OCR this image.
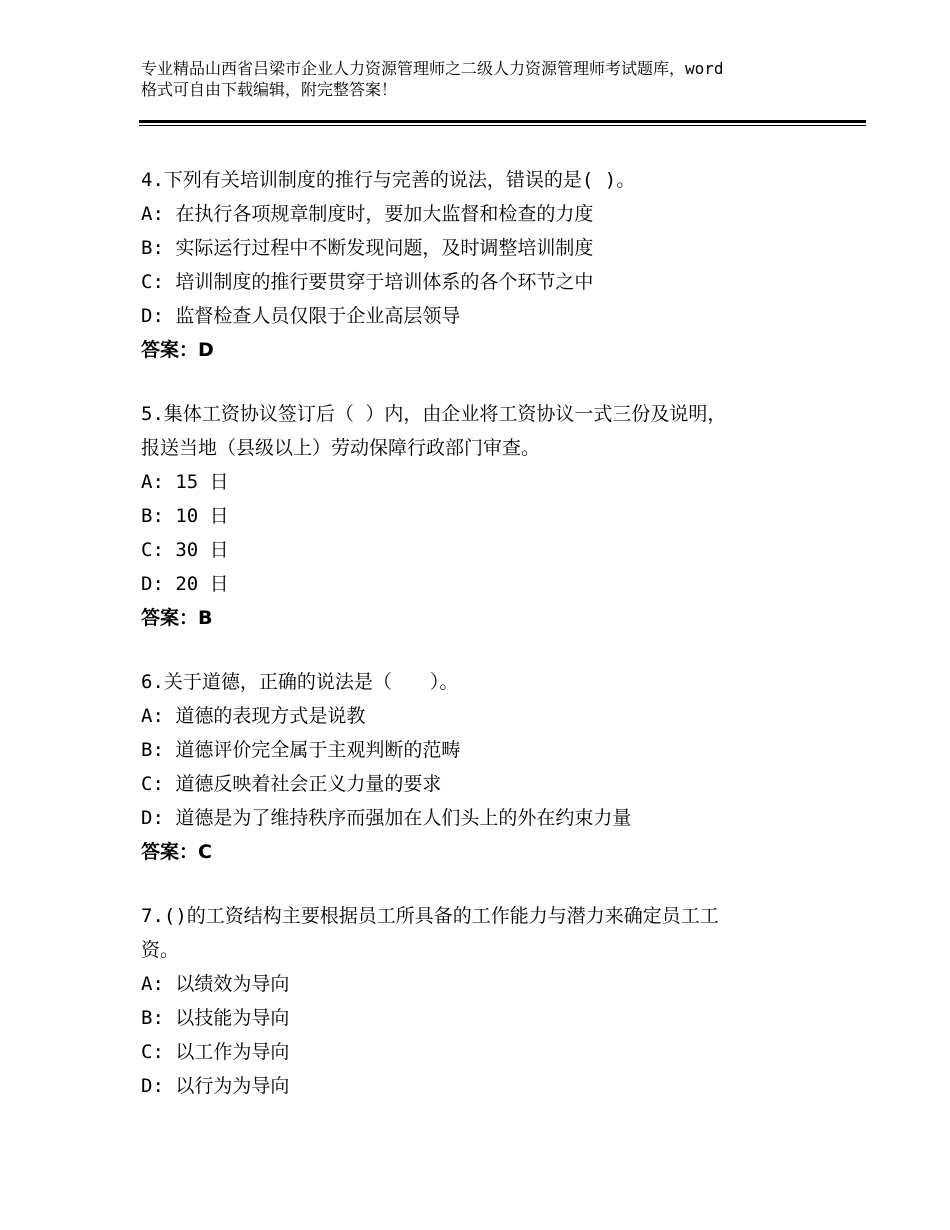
专业精品山西省吕梁市企业人力资源管理师之二级人力资源管理师考试题库，word
格式可自由下载编辑，附完整答案！
4.下列有关培训制度的推行与完善的说法，错误的是( )。
A: 在执行各项规章制度时，要加大监督和检查的力度
B: 实际运行过程中不断发现问题，及时调整培训制度
C: 培训制度的推行要贯穿于培训体系的各个环节之中
D: 监督检查人员仅限于企业高层领导
答案：D
5.集体工资协议签订后（ ）内，由企业将工资协议一式三份及说明，
报送当地（县级以上）劳动保障行政部门审查。
A: 15 日
B: 10 日
C: 30 日
D: 20 日
答案：B
6.关于道德，正确的说法是（　　）。
A: 道德的表现方式是说教
B: 道德评价完全属于主观判断的范畴
C: 道德反映着社会正义力量的要求
D: 道德是为了维持秩序而强加在人们头上的外在约束力量
答案：C
7.()的工资结构主要根据员工所具备的工作能力与潜力来确定员工工
资。
A: 以绩效为导向
B: 以技能为导向
C: 以工作为导向
D: 以行为为导向
